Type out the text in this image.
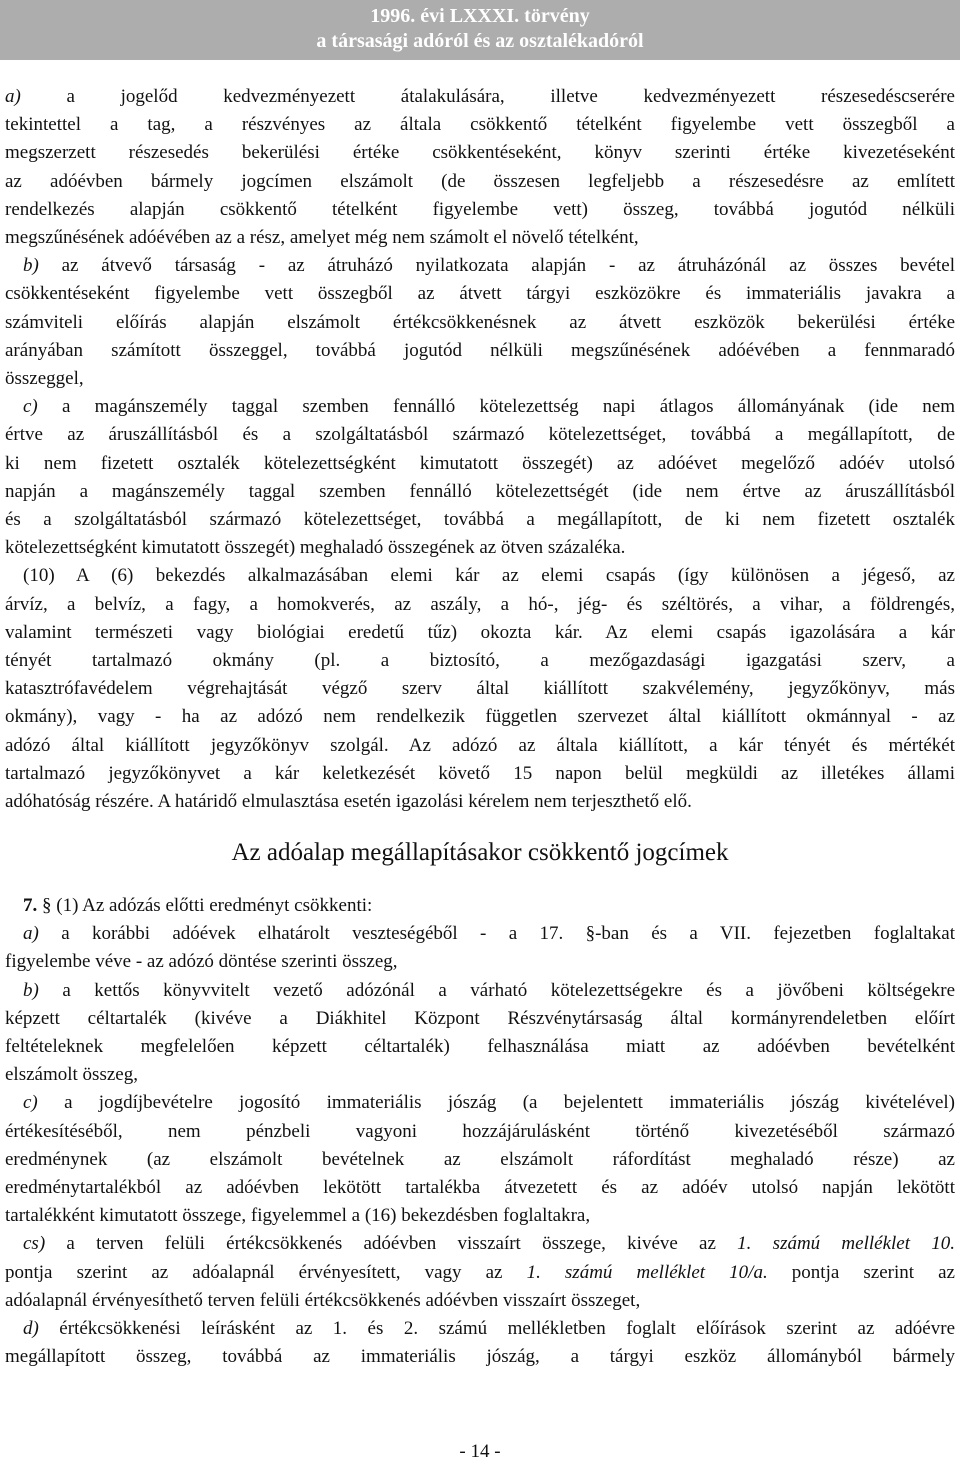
1996. évi LXXXI. törvény
a társasági adóról és az osztalékadóról
a) a jogelőd kedvezményezett átalakulására, illetve kedvezményezett részesedéscserére
tekintettel a tag, a részvényes az általa csökkentő tételként figyelembe vett összegből a
megszerzett részesedés bekerülési értéke csökkentéseként, könyv szerinti értéke kivezetéseként
az adóévben bármely jogcímen elszámolt (de összesen legfeljebb a részesedésre az említett
rendelkezés alapján csökkentő tételként figyelembe vett) összeg, továbbá jogutód nélküli
megszűnésének adóévében az a rész, amelyet még nem számolt el növelő tételként,
b) az átvevő társaság - az átruházó nyilatkozata alapján - az átruházónál az összes bevétel
csökkentéseként figyelembe vett összegből az átvett tárgyi eszközökre és immateriális javakra a
számviteli előírás alapján elszámolt értékcsökkenésnek az átvett eszközök bekerülési értéke
arányában számított összeggel, továbbá jogutód nélküli megszűnésének adóévében a fennmaradó
összeggel,
c) a magánszemély taggal szemben fennálló kötelezettség napi átlagos állományának (ide nem
értve az áruszállításból és a szolgáltatásból származó kötelezettséget, továbbá a megállapított, de
ki nem fizetett osztalék kötelezettségként kimutatott összegét) az adóévet megelőző adóév utolsó
napján a magánszemély taggal szemben fennálló kötelezettségét (ide nem értve az áruszállításból
és a szolgáltatásból származó kötelezettséget, továbbá a megállapított, de ki nem fizetett osztalék
kötelezettségként kimutatott összegét) meghaladó összegének az ötven százaléka.
(10) A (6) bekezdés alkalmazásában elemi kár az elemi csapás (így különösen a jégeső, az
árvíz, a belvíz, a fagy, a homokverés, az aszály, a hó-, jég- és széltörés, a vihar, a földrengés,
valamint természeti vagy biológiai eredetű tűz) okozta kár. Az elemi csapás igazolására a kár
tényét tartalmazó okmány (pl. a biztosító, a mezőgazdasági igazgatási szerv, a
katasztrófavédelem végrehajtását végző szerv által kiállított szakvélemény, jegyzőkönyv, más
okmány), vagy - ha az adózó nem rendelkezik független szervezet által kiállított okmánnyal - az
adózó által kiállított jegyzőkönyv szolgál. Az adózó az általa kiállított, a kár tényét és mértékét
tartalmazó jegyzőkönyvet a kár keletkezését követő 15 napon belül megküldi az illetékes állami
adóhatóság részére. A határidő elmulasztása esetén igazolási kérelem nem terjeszthető elő.
Az adóalap megállapításakor csökkentő jogcímek
7. § (1) Az adózás előtti eredményt csökkenti:
a) a korábbi adóévek elhatárolt veszteségéből - a 17. §-ban és a VII. fejezetben foglaltakat
figyelembe véve - az adózó döntése szerinti összeg,
b) a kettős könyvvitelt vezető adózónál a várható kötelezettségekre és a jövőbeni költségekre
képzett céltartalék (kivéve a Diákhitel Központ Részvénytársaság által kormányrendeletben előírt
feltételeknek megfelelően képzett céltartalék) felhasználása miatt az adóévben bevételként
elszámolt összeg,
c) a jogdíjbevételre jogosító immateriális jószág (a bejelentett immateriális jószág kivételével)
értékesítéséből, nem pénzbeli vagyoni hozzájárulásként történő kivezetéséből származó
eredménynek (az elszámolt bevételnek az elszámolt ráfordítást meghaladó része) az
eredménytartalékból az adóévben lekötött tartalékba átvezetett és az adóév utolsó napján lekötött
tartalékként kimutatott összege, figyelemmel a (16) bekezdésben foglaltakra,
cs) a terven felüli értékcsökkenés adóévben visszaírt összege, kivéve az 1. számú melléklet 10.
pontja szerint az adóalapnál érvényesített, vagy az 1. számú melléklet 10/a. pontja szerint az
adóalapnál érvényesíthető terven felüli értékcsökkenés adóévben visszaírt összeget,
d) értékcsökkenési leírásként az 1. és 2. számú mellékletben foglalt előírások szerint az adóévre
megállapított összeg, továbbá az immateriális jószág, a tárgyi eszköz állományból bármely
- 14 -
